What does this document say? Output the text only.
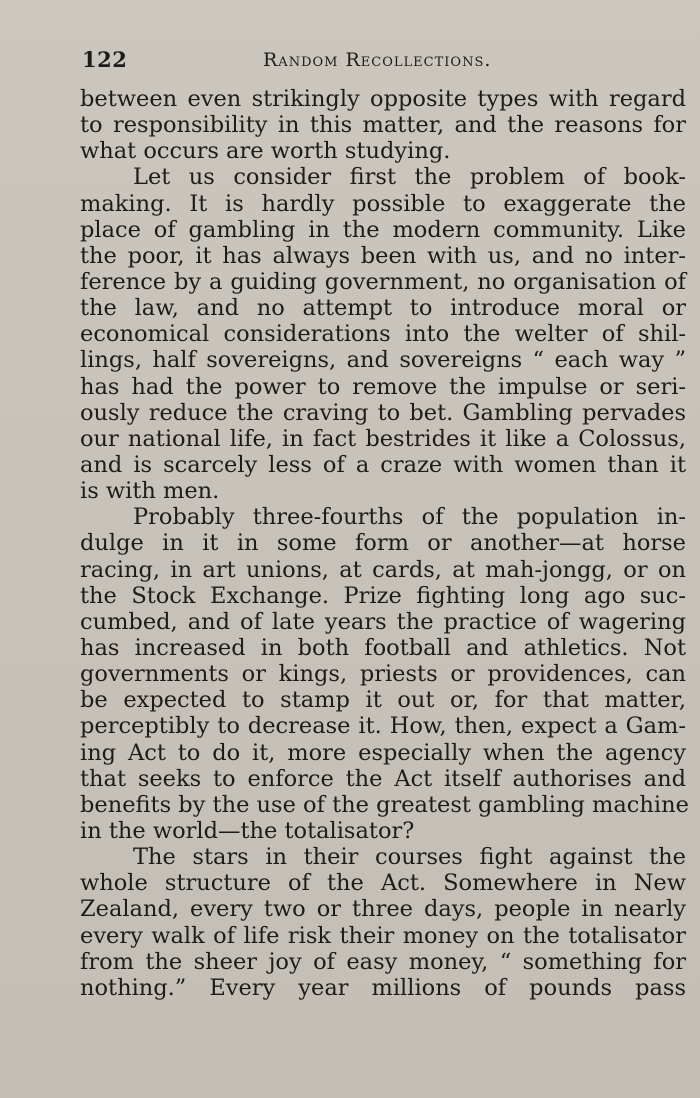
122	Random Recollections.
between even strikingly opposite types with regard
to responsibility in this matter, and the reasons for
what occurs are worth studying.
Let us consider first the problem of book-
making. It is hardly possible to exaggerate the
place of gambling in the modern community. Like
the poor, it has always been with us, and no inter-
ference by a guiding government, no organisation of
the law, and no attempt to introduce moral or
economical considerations into the welter of shil-
lings, half sovereigns, and sovereigns “ each way ”
has had the power to remove the impulse or seri-
ously reduce the craving to bet. Gambling pervades
our national life, in fact bestrides it like a Colossus,
and is scarcely less of a craze with women than it
is with men.
Probably three-fourths of the population in-
dulge in it in some form or another—at horse
racing, in art unions, at cards, at mah-jongg, or on
the Stock Exchange. Prize fighting long ago suc-
cumbed, and of late years the practice of wagering
has increased in both football and athletics. Not
governments or kings, priests or providences, can
be expected to stamp it out or, for that matter,
perceptibly to decrease it. How, then, expect a Gam-
ing Act to do it, more especially when the agency
that seeks to enforce the Act itself authorises and
benefits by the use of the greatest gambling machine
in the world—the totalisator?
The stars in their courses fight against the
whole structure of the Act. Somewhere in New
Zealand, every two or three days, people in nearly
every walk of life risk their money on the totalisator
from the sheer joy of easy money, “ something for
nothing.” Every year millions of pounds pass
